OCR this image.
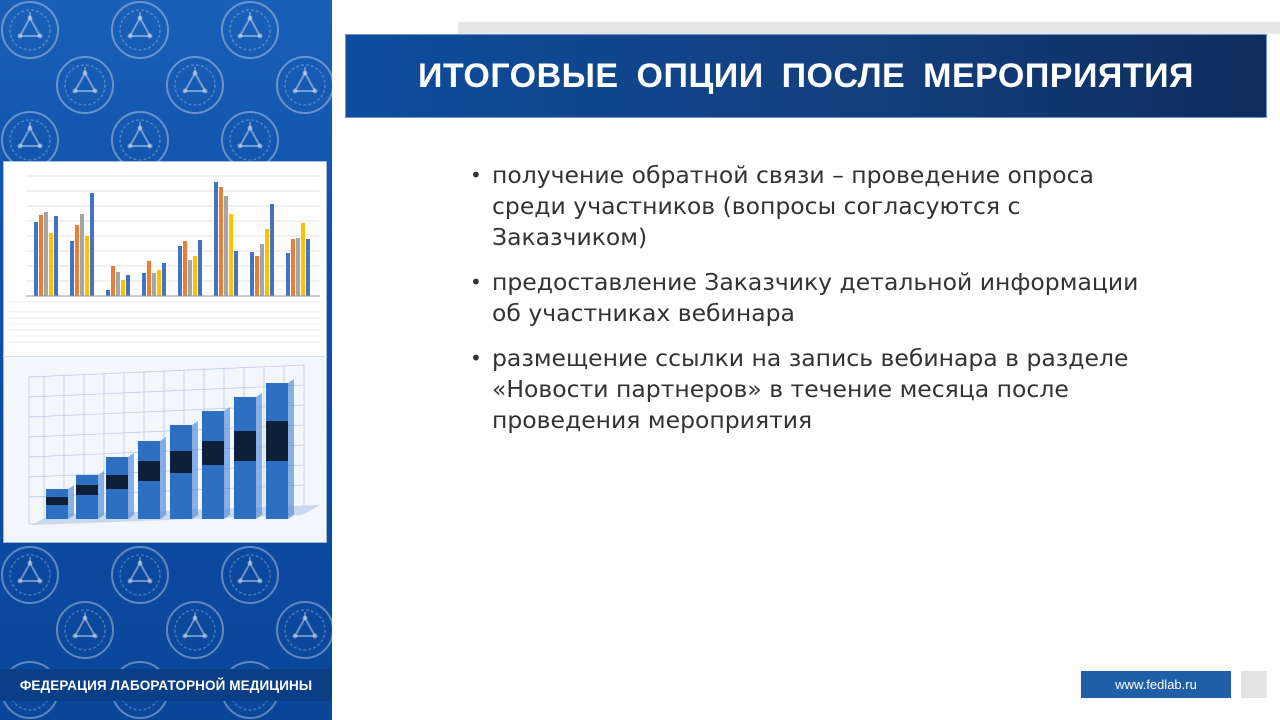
ФЕДЕРАЦИЯ ЛАБОРАТОРНОЙ МЕДИЦИНЫ
ИТОГОВЫЕ ОПЦИИ ПОСЛЕ МЕРОПРИЯТИЯ
• получение обратной связи – проведение опроса среди участников (вопросы согласуются с Заказчиком)
• предоставление Заказчику детальной информации об участниках вебинара
• размещение ссылки на запись вебинара в разделе «Новости партнеров» в течение месяца после проведения мероприятия
www.fedlab.ru
